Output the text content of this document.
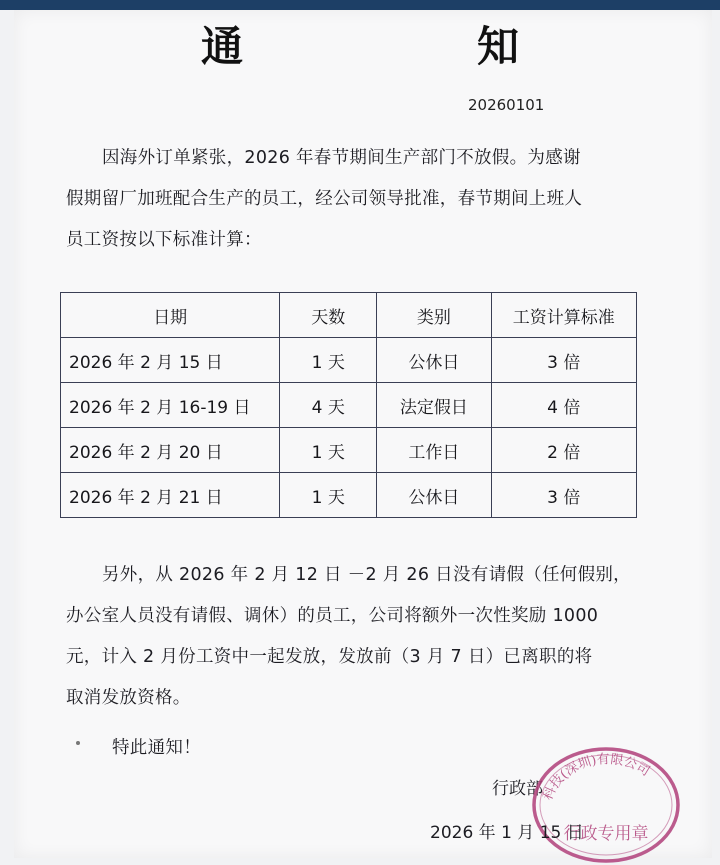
通　知
20260101

因海外订单紧张，2026 年春节期间生产部门不放假。为感谢
假期留厂加班配合生产的员工，经公司领导批准，春节期间上班人
员工资按以下标准计算：

日期	天数	类别	工资计算标准
2026 年 2 月 15 日	1 天	公休日	3 倍
2026 年 2 月 16-19 日	4 天	法定假日	4 倍
2026 年 2 月 20 日	1 天	工作日	2 倍
2026 年 2 月 21 日	1 天	公休日	3 倍

另外，从 2026 年 2 月 12 日 －2 月 26 日没有请假（任何假别，
办公室人员没有请假、调休）的员工，公司将额外一次性奖励 1000
元，计入 2 月份工资中一起发放，发放前（3 月 7 日）已离职的将
取消发放资格。

特此通知！

行政部
科技(深圳)有限公司
行政专用章
2026 年 1 月 15 日
